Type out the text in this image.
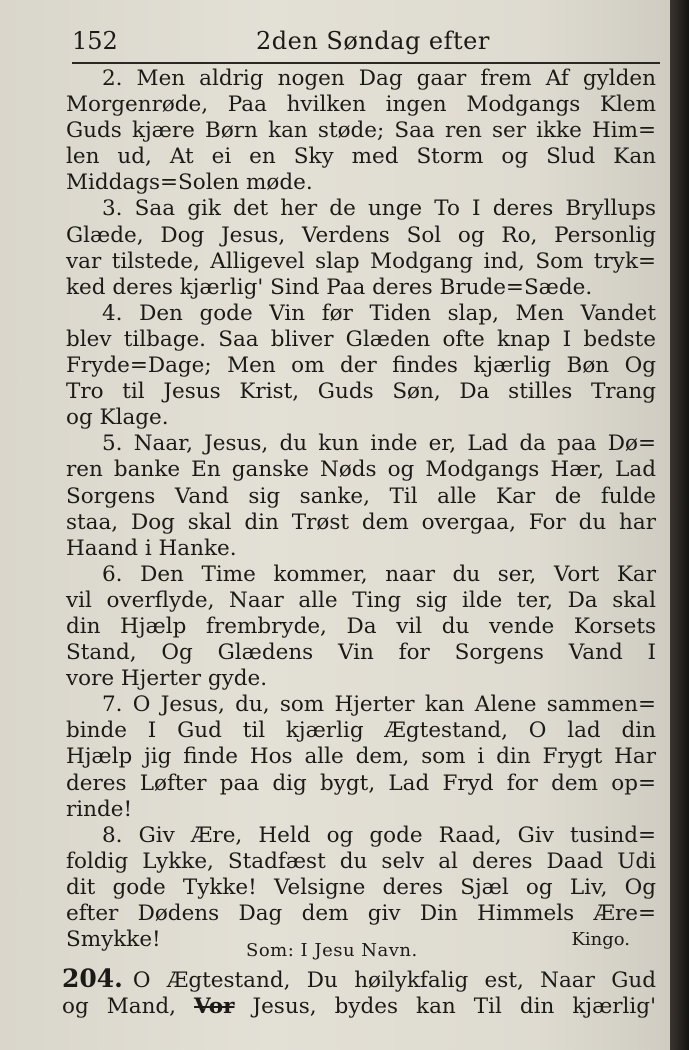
152	2den Søndag efter

2. Men aldrig nogen Dag gaar frem Af gylden
Morgenrøde, Paa hvilken ingen Modgangs Klem
Guds kjære Børn kan støde; Saa ren ser ikke Him=
len ud, At ei en Sky med Storm og Slud Kan
Middags=Solen møde.

3. Saa gik det her de unge To I deres Bryllups
Glæde, Dog Jesus, Verdens Sol og Ro, Personlig
var tilstede, Alligevel slap Modgang ind, Som tryk=
ked deres kjærlig' Sind Paa deres Brude=Sæde.

4. Den gode Vin før Tiden slap, Men Vandet
blev tilbage. Saa bliver Glæden ofte knap I bedste
Fryde=Dage; Men om der findes kjærlig Bøn Og
Tro til Jesus Krist, Guds Søn, Da stilles Trang
og Klage.

5. Naar, Jesus, du kun inde er, Lad da paa Dø=
ren banke En ganske Nøds og Modgangs Hær, Lad
Sorgens Vand sig sanke, Til alle Kar de fulde
staa, Dog skal din Trøst dem overgaa, For du har
Haand i Hanke.

6. Den Time kommer, naar du ser, Vort Kar
vil overflyde, Naar alle Ting sig ilde ter, Da skal
din Hjælp frembryde, Da vil du vende Korsets
Stand, Og Glædens Vin for Sorgens Vand I
vore Hjerter gyde.

7. O Jesus, du, som Hjerter kan Alene sammen=
binde I Gud til kjærlig Ægtestand, O lad din
Hjælp jig finde Hos alle dem, som i din Frygt Har
deres Løfter paa dig bygt, Lad Fryd for dem op=
rinde!

8. Giv Ære, Held og gode Raad, Giv tusind=
foldig Lykke, Stadfæst du selv al deres Daad Udi
dit gode Tykke! Velsigne deres Sjæl og Liv, Og
efter Dødens Dag dem giv Din Himmels Ære=
Smykke!	Kingo.

Som: I Jesu Navn.
204. O Ægtestand, Du høilykfalig est, Naar Gud
og Mand, Vor Jesus, bydes kan Til din kjærlig'
